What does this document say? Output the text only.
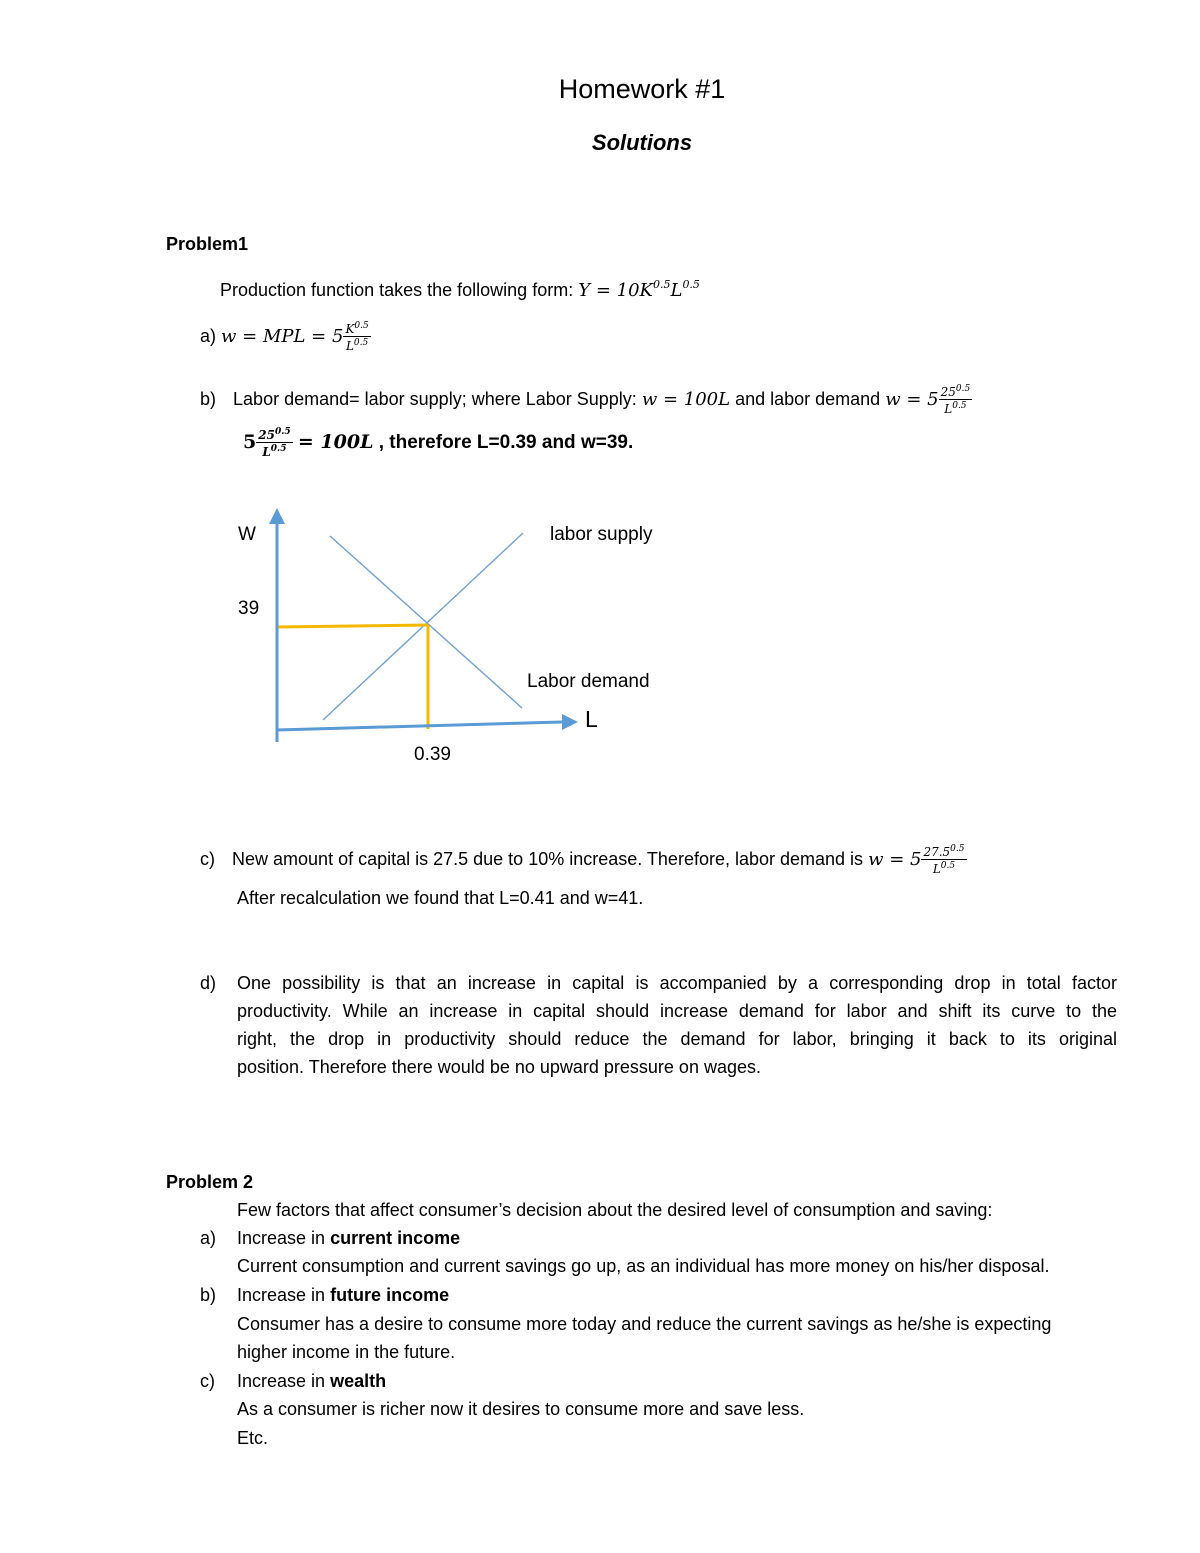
Homework #1
Solutions
Problem1
Production function takes the following form: $Y = 10K^{0.5}L^{0.5}$
a) w = MPL = $5 \frac{K^{0.5}}{L^{0.5}}$
b) Labor demand= labor supply; where Labor Supply: w = 100L and labor demand $w = 5 \frac{25^{0.5}}{L^{0.5}}$
$5 \frac{25^{0.5}}{L^{0.5}} = 100L$ , therefore L=0.39 and w=39.
W
39
0.39
L
labor supply
Labor demand
c) New amount of capital is 27.5 due to 10% increase. Therefore, labor demand is $w = 5 \frac{27.5^{0.5}}{L^{0.5}}$
After recalculation we found that L=0.41 and w=41.
d) One possibility is that an increase in capital is accompanied by a corresponding drop in total factor
productivity. While an increase in capital should increase demand for labor and shift its curve to the
right, the drop in productivity should reduce the demand for labor, bringing it back to its original
position. Therefore there would be no upward pressure on wages.
Problem 2
Few factors that affect consumer’s decision about the desired level of consumption and saving:
a) Increase in current income
Current consumption and current savings go up, as an individual has more money on his/her disposal.
b) Increase in future income
Consumer has a desire to consume more today and reduce the current savings as he/she is expecting
higher income in the future.
c) Increase in wealth
As a consumer is richer now it desires to consume more and save less.
Etc.
